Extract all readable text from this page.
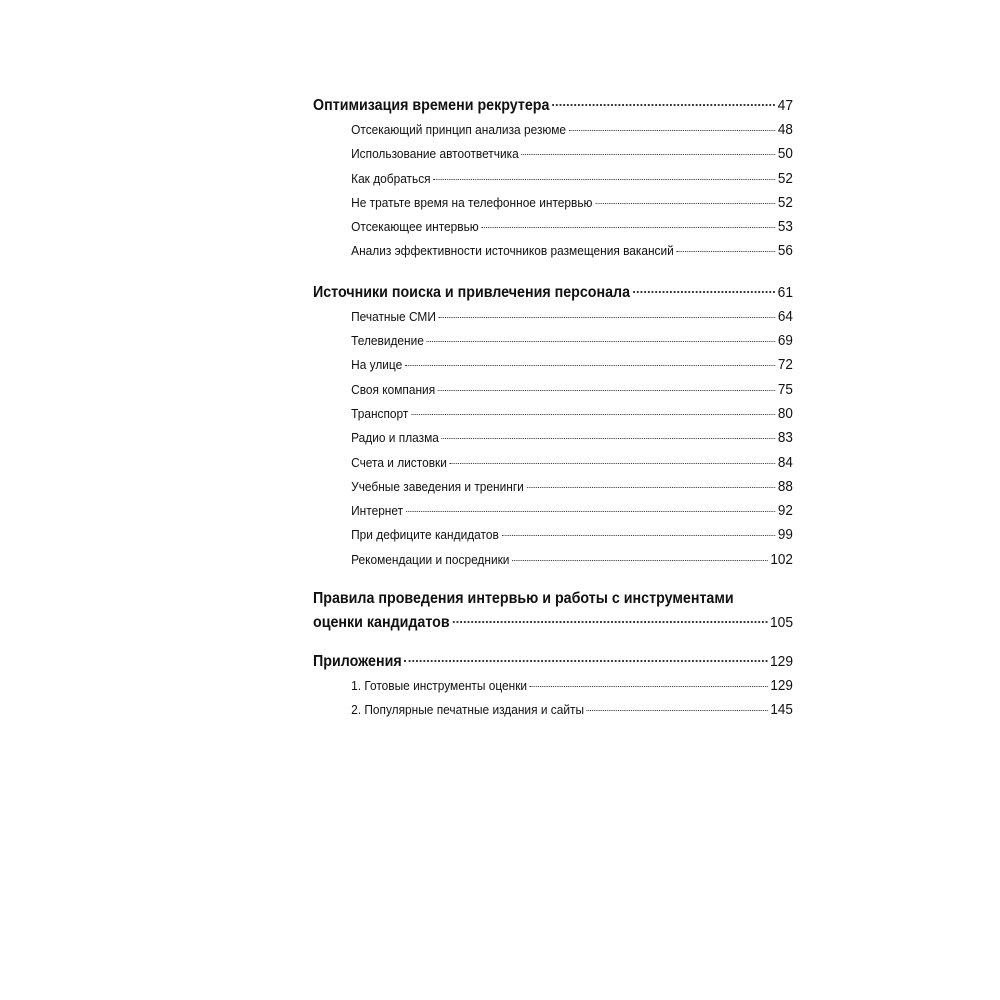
Оптимизация времени рекрутера	47
Отсекающий принцип анализа резюме	48
Использование автоответчика	50
Как добраться	52
Не тратьте время на телефонное интервью	52
Отсекающее интервью	53
Анализ эффективности источников размещения вакансий	56
Источники поиска и привлечения персонала	61
Печатные СМИ	64
Телевидение	69
На улице	72
Своя компания	75
Транспорт	80
Радио и плазма	83
Счета и листовки	84
Учебные заведения и тренинги	88
Интернет	92
При дефиците кандидатов	99
Рекомендации и посредники	102
Правила проведения интервью и работы с инструментами
оценки кандидатов	105
Приложения	129
1. Готовые инструменты оценки	129
2. Популярные печатные издания и сайты	145
